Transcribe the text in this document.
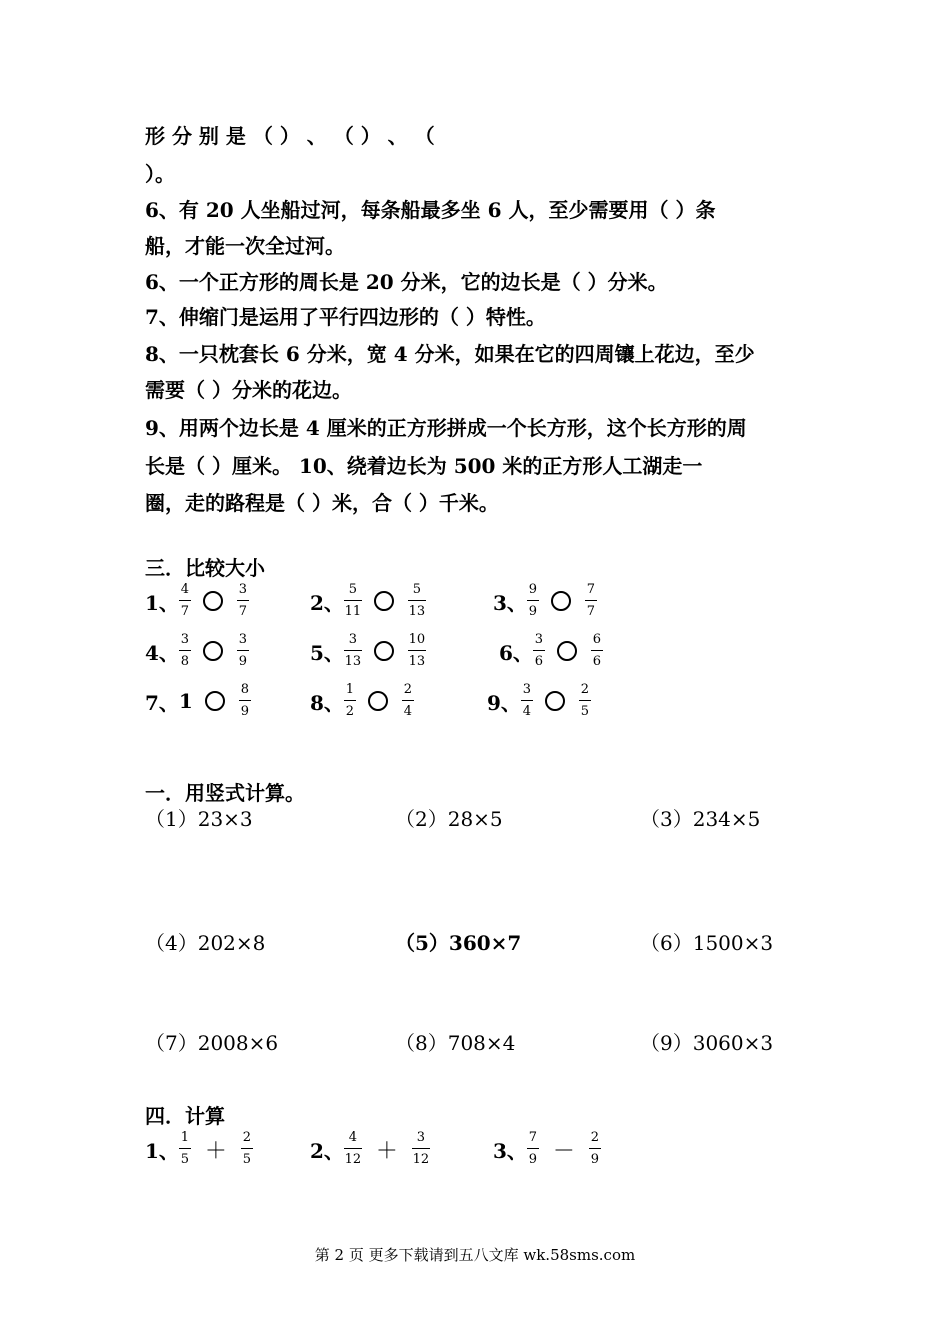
形 分 别 是 （ ） 、 （ ） 、 （
）。
6、有 20 人坐船过河，每条船最多坐 6 人，至少需要用（ ）条
船，才能一次全过河。
6、一个正方形的周长是 20 分米，它的边长是（ ）分米。
7、伸缩门是运用了平行四边形的（ ）特性。
8、一只枕套长 6 分米，宽 4 分米，如果在它的四周镶上花边，至少
需要（ ）分米的花边。
9、用两个边长是 4 厘米的正方形拼成一个长方形，这个长方形的周
长是（ ）厘米。 10、绕着边长为 500 米的正方形人工湖走一
圈，走的路程是（ ）米，合（ ）千米。
三．比较大小
1、 $\frac{4}{7}$	$\frac{3}{7}$	2、 $\frac{5}{11}$	$\frac{5}{13}$	3、 $\frac{9}{9}$	$\frac{7}{7}$
4、 $\frac{3}{8}$	$\frac{3}{9}$	5、 $\frac{3}{13}$	$\frac{10}{13}$	6、 $\frac{3}{6}$	$\frac{6}{6}$
7、 1	$\frac{8}{9}$	8、 $\frac{1}{2}$	$\frac{2}{4}$	9、 $\frac{3}{4}$	$\frac{2}{5}$
一．用竖式计算。
（1）23×3	（2）28×5	（3）234×5
（4）202×8	（5）360×7	（6）1500×3
（7）2008×6	（8）708×4	（9）3060×3
四．计算
1、 $\frac{1}{5} + \frac{2}{5}$	2、 $\frac{4}{12} + \frac{3}{12}$	3、 $\frac{7}{9} - \frac{2}{9}$
第 2 页 更多下载请到五八文库 wk.58sms.com
